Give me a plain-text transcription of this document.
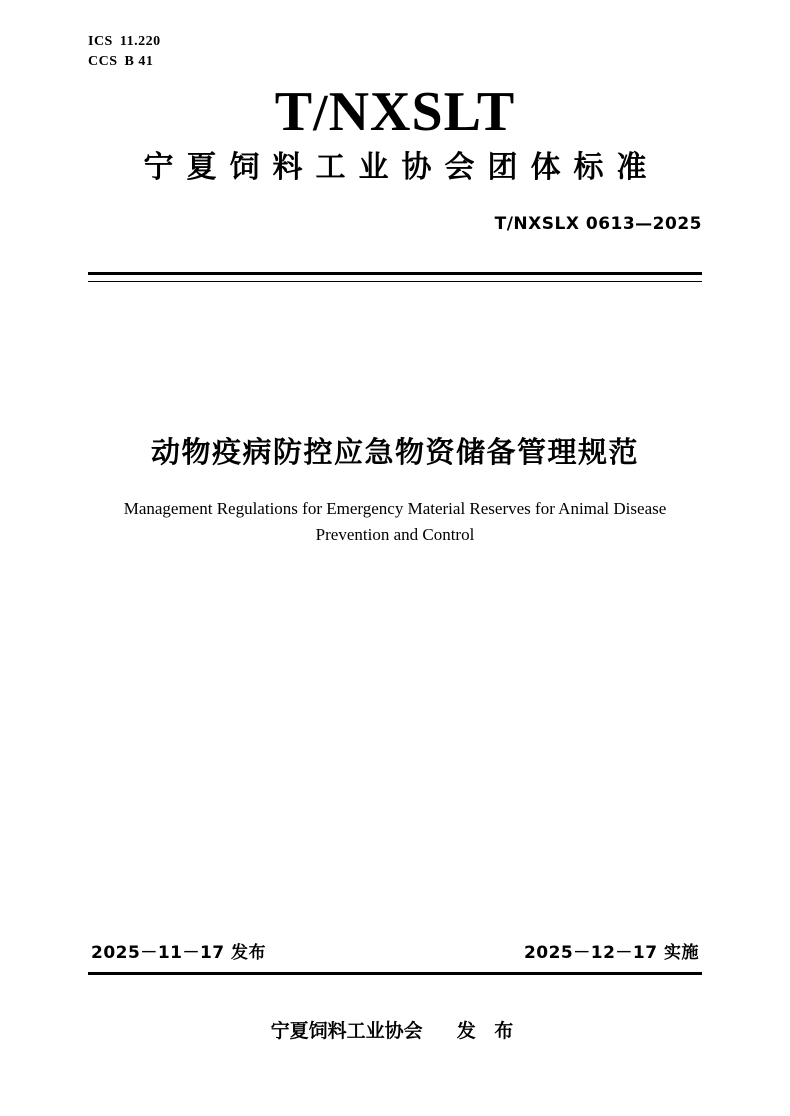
ICS 11.220
CCS B 41
T/NXSLT
宁夏饲料工业协会团体标准
T/NXSLX 0613—2025
动物疫病防控应急物资储备管理规范
Management Regulations for Emergency Material Reserves for Animal Disease Prevention and Control
2025－11－17 发布	2025－12－17 实施
宁夏饲料工业协会 发 布
